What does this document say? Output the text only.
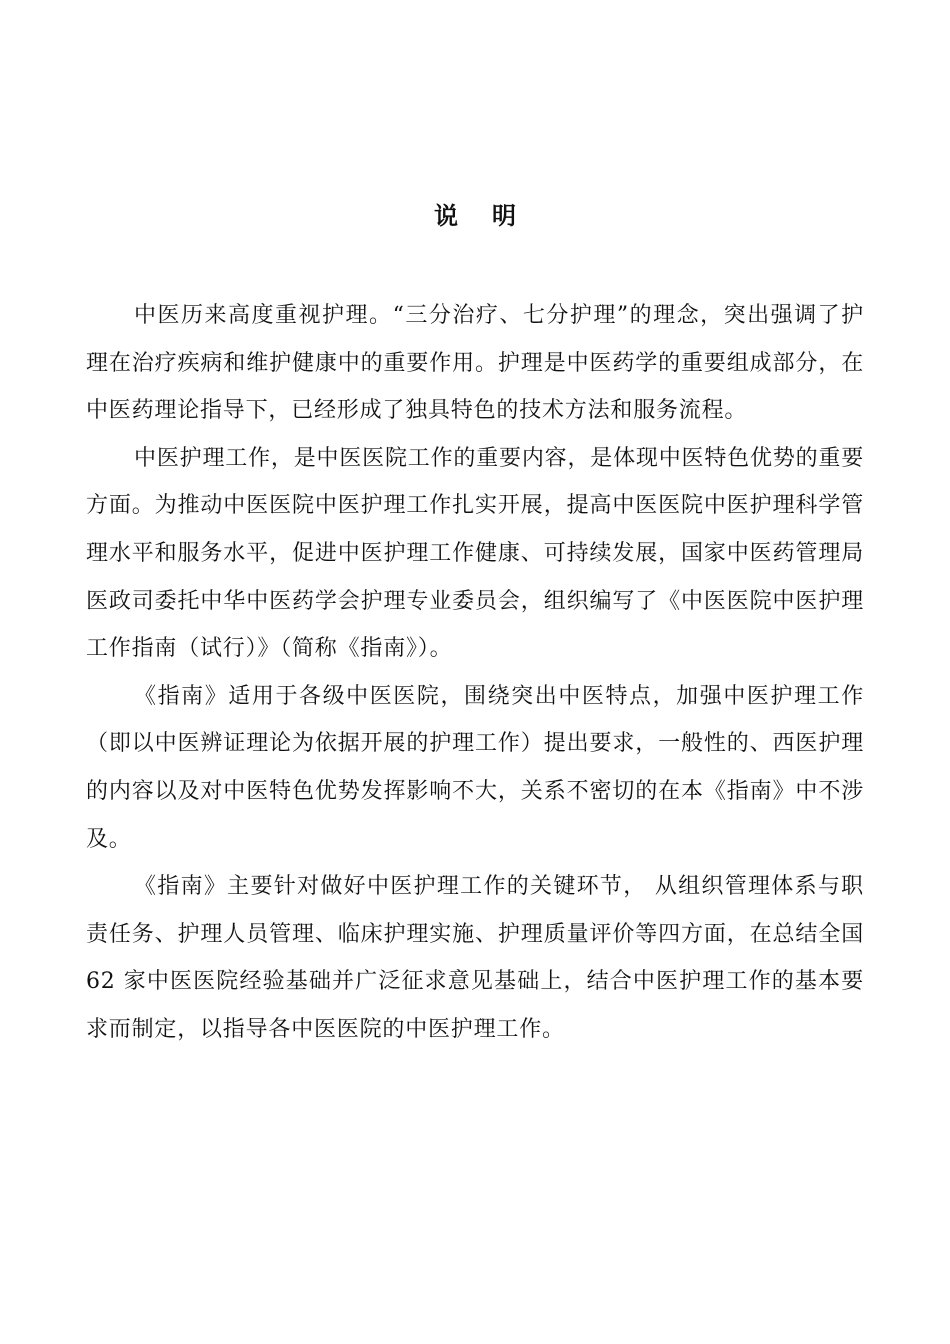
说 明

中医历来高度重视护理。“三分治疗、七分护理”的理念，突出强调了护理在治疗疾病和维护健康中的重要作用。护理是中医药学的重要组成部分，在中医药理论指导下，已经形成了独具特色的技术方法和服务流程。

中医护理工作，是中医医院工作的重要内容，是体现中医特色优势的重要方面。为推动中医医院中医护理工作扎实开展，提高中医医院中医护理科学管理水平和服务水平，促进中医护理工作健康、可持续发展，国家中医药管理局医政司委托中华中医药学会护理专业委员会，组织编写了《中医医院中医护理工作指南（试行）》（简称《指南》）。

《指南》适用于各级中医医院，围绕突出中医特点，加强中医护理工作（即以中医辨证理论为依据开展的护理工作）提出要求，一般性的、西医护理的内容以及对中医特色优势发挥影响不大，关系不密切的在本《指南》中不涉及。

《指南》主要针对做好中医护理工作的关键环节， 从组织管理体系与职责任务、护理人员管理、临床护理实施、护理质量评价等四方面，在总结全国 62 家中医医院经验基础并广泛征求意见基础上，结合中医护理工作的基本要求而制定，以指导各中医医院的中医护理工作。
